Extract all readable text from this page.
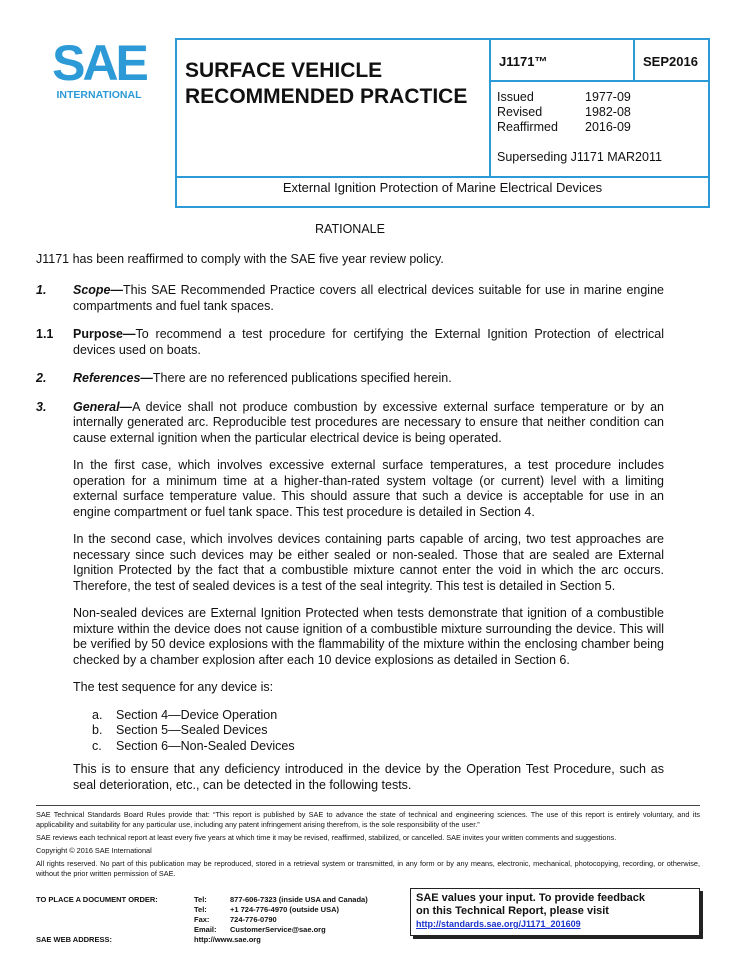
SAE
INTERNATIONAL
SURFACE VEHICLE
RECOMMENDED PRACTICE
J1171™	SEP2016
Issued	1977-09
Revised	1982-08
Reaffirmed	2016-09
Superseding J1171 MAR2011
External Ignition Protection of Marine Electrical Devices
RATIONALE

J1171 has been reaffirmed to comply with the SAE five year review policy.

1.	Scope—This SAE Recommended Practice covers all electrical devices suitable for use in marine engine compartments and fuel tank spaces.
1.1	Purpose—To recommend a test procedure for certifying the External Ignition Protection of electrical devices used on boats.
2.	References—There are no referenced publications specified herein.
3.	General—A device shall not produce combustion by excessive external surface temperature or by an internally generated arc. Reproducible test procedures are necessary to ensure that neither condition can cause external ignition when the particular electrical device is being operated.

In the first case, which involves excessive external surface temperatures, a test procedure includes operation for a minimum time at a higher-than-rated system voltage (or current) level with a limiting external surface temperature value. This should assure that such a device is acceptable for use in an engine compartment or fuel tank space. This test procedure is detailed in Section 4.

In the second case, which involves devices containing parts capable of arcing, two test approaches are necessary since such devices may be either sealed or non-sealed. Those that are sealed are External Ignition Protected by the fact that a combustible mixture cannot enter the void in which the arc occurs. Therefore, the test of sealed devices is a test of the seal integrity. This test is detailed in Section 5.

Non-sealed devices are External Ignition Protected when tests demonstrate that ignition of a combustible mixture within the device does not cause ignition of a combustible mixture surrounding the device. This will be verified by 50 device explosions with the flammability of the mixture within the enclosing chamber being checked by a chamber explosion after each 10 device explosions as detailed in Section 6.

The test sequence for any device is:

a.	Section 4—Device Operation
b.	Section 5—Sealed Devices
c.	Section 6—Non-Sealed Devices

This is to ensure that any deficiency introduced in the device by the Operation Test Procedure, such as seal deterioration, etc., can be detected in the following tests.

SAE Technical Standards Board Rules provide that: “This report is published by SAE to advance the state of technical and engineering sciences. The use of this report is entirely voluntary, and its applicability and suitability for any particular use, including any patent infringement arising therefrom, is the sole responsibility of the user.”

SAE reviews each technical report at least every five years at which time it may be revised, reaffirmed, stabilized, or cancelled. SAE invites your written comments and suggestions.

Copyright © 2016 SAE International

All rights reserved. No part of this publication may be reproduced, stored in a retrieval system or transmitted, in any form or by any means, electronic, mechanical, photocopying, recording, or otherwise, without the prior written permission of SAE.

TO PLACE A DOCUMENT ORDER:	Tel:	877-606-7323 (inside USA and Canada)
Tel:	+1 724-776-4970 (outside USA)
Fax:	724-776-0790
Email:	CustomerService@sae.org
SAE WEB ADDRESS:	http://www.sae.org
SAE values your input. To provide feedback
on this Technical Report, please visit
http://standards.sae.org/J1171_201609
